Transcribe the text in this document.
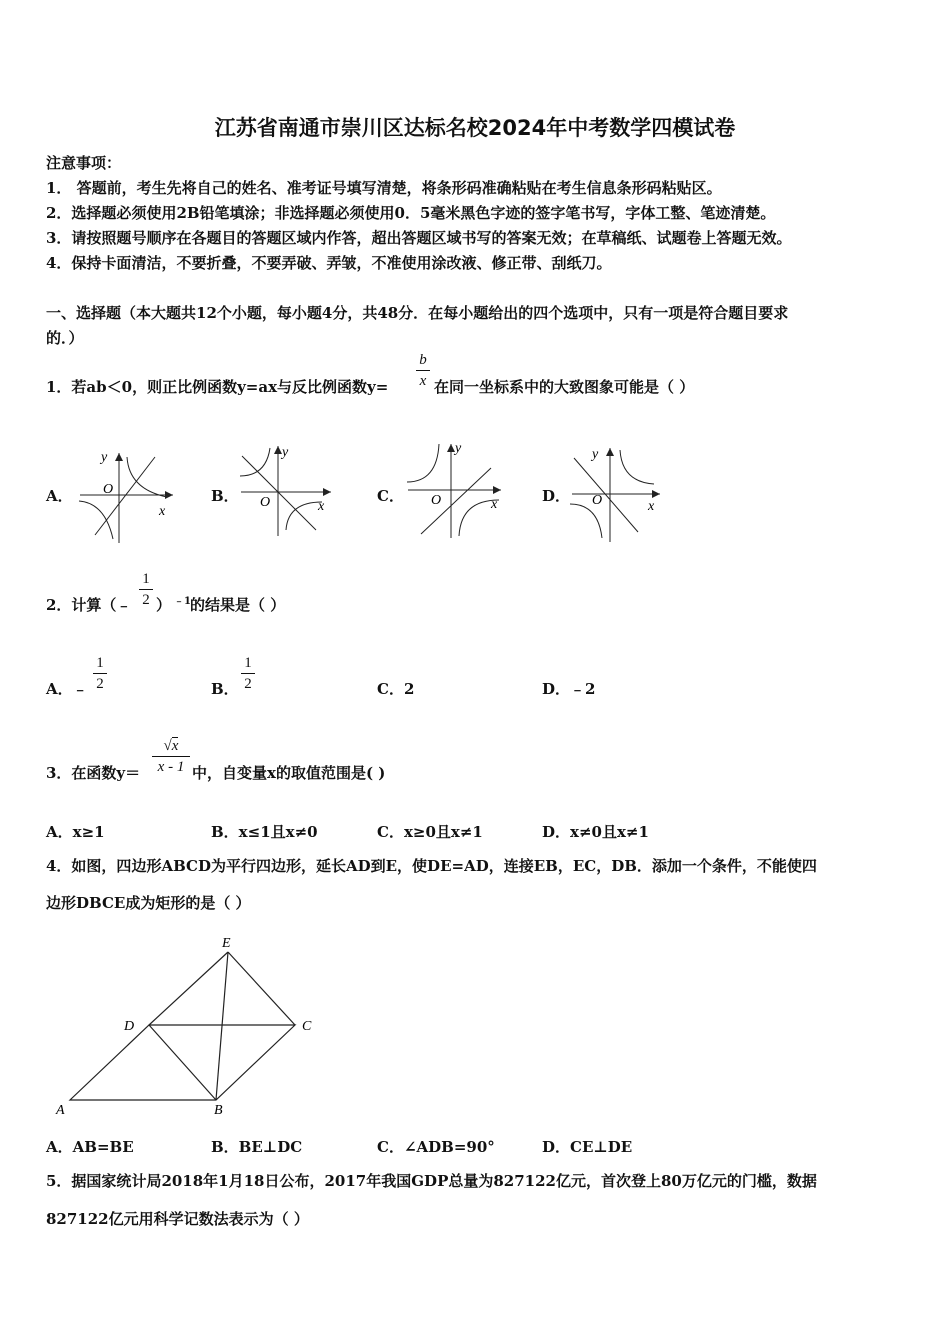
江苏省南通市崇川区达标名校2024年中考数学四模试卷
注意事项：
1． 答题前，考生先将自己的姓名、准考证号填写清楚，将条形码准确粘贴在考生信息条形码粘贴区。
2．选择题必须使用2B铅笔填涂；非选择题必须使用0．5毫米黑色字迹的签字笔书写，字体工整、笔迹清楚。
3．请按照题号顺序在各题目的答题区域内作答，超出答题区域书写的答案无效；在草稿纸、试题卷上答题无效。
4．保持卡面清洁，不要折叠，不要弄破、弄皱，不准使用涂改液、修正带、刮纸刀。
一、选择题（本大题共12个小题，每小题4分，共48分．在每小题给出的四个选项中，只有一项是符合题目要求
的．）
1．若ab＜0，则正比例函数y=ax与反比例函数y=
b
x 在同一坐标系中的大致图象可能是（ ）
A．
y
O
x
B．
y
O	x
C．
y
O	x	D．
y
O	x
2．计算（﹣
1
2 ） ﹣1 的结果是（ ）
A．﹣
1
2	B．
1
2	C．2	D．﹣2
3．在函数y＝
√x
x - 1 中，自变量x的取值范围是( )
A．x≥1	B．x≤1且x≠0	C．x≥0且x≠1	D．x≠0且x≠1
4．如图，四边形ABCD为平行四边形，延长AD到E，使DE=AD，连接EB，EC，DB．添加一个条件，不能使四
边形DBCE成为矩形的是（ ）
A	B
C
D
E
A．AB=BE	B．BE⊥DC	C．∠ADB=90°	D．CE⊥DE
5．据国家统计局2018年1月18日公布，2017年我国GDP总量为827122亿元，首次登上80万亿元的门槛，数据
827122亿元用科学记数法表示为（ ）
